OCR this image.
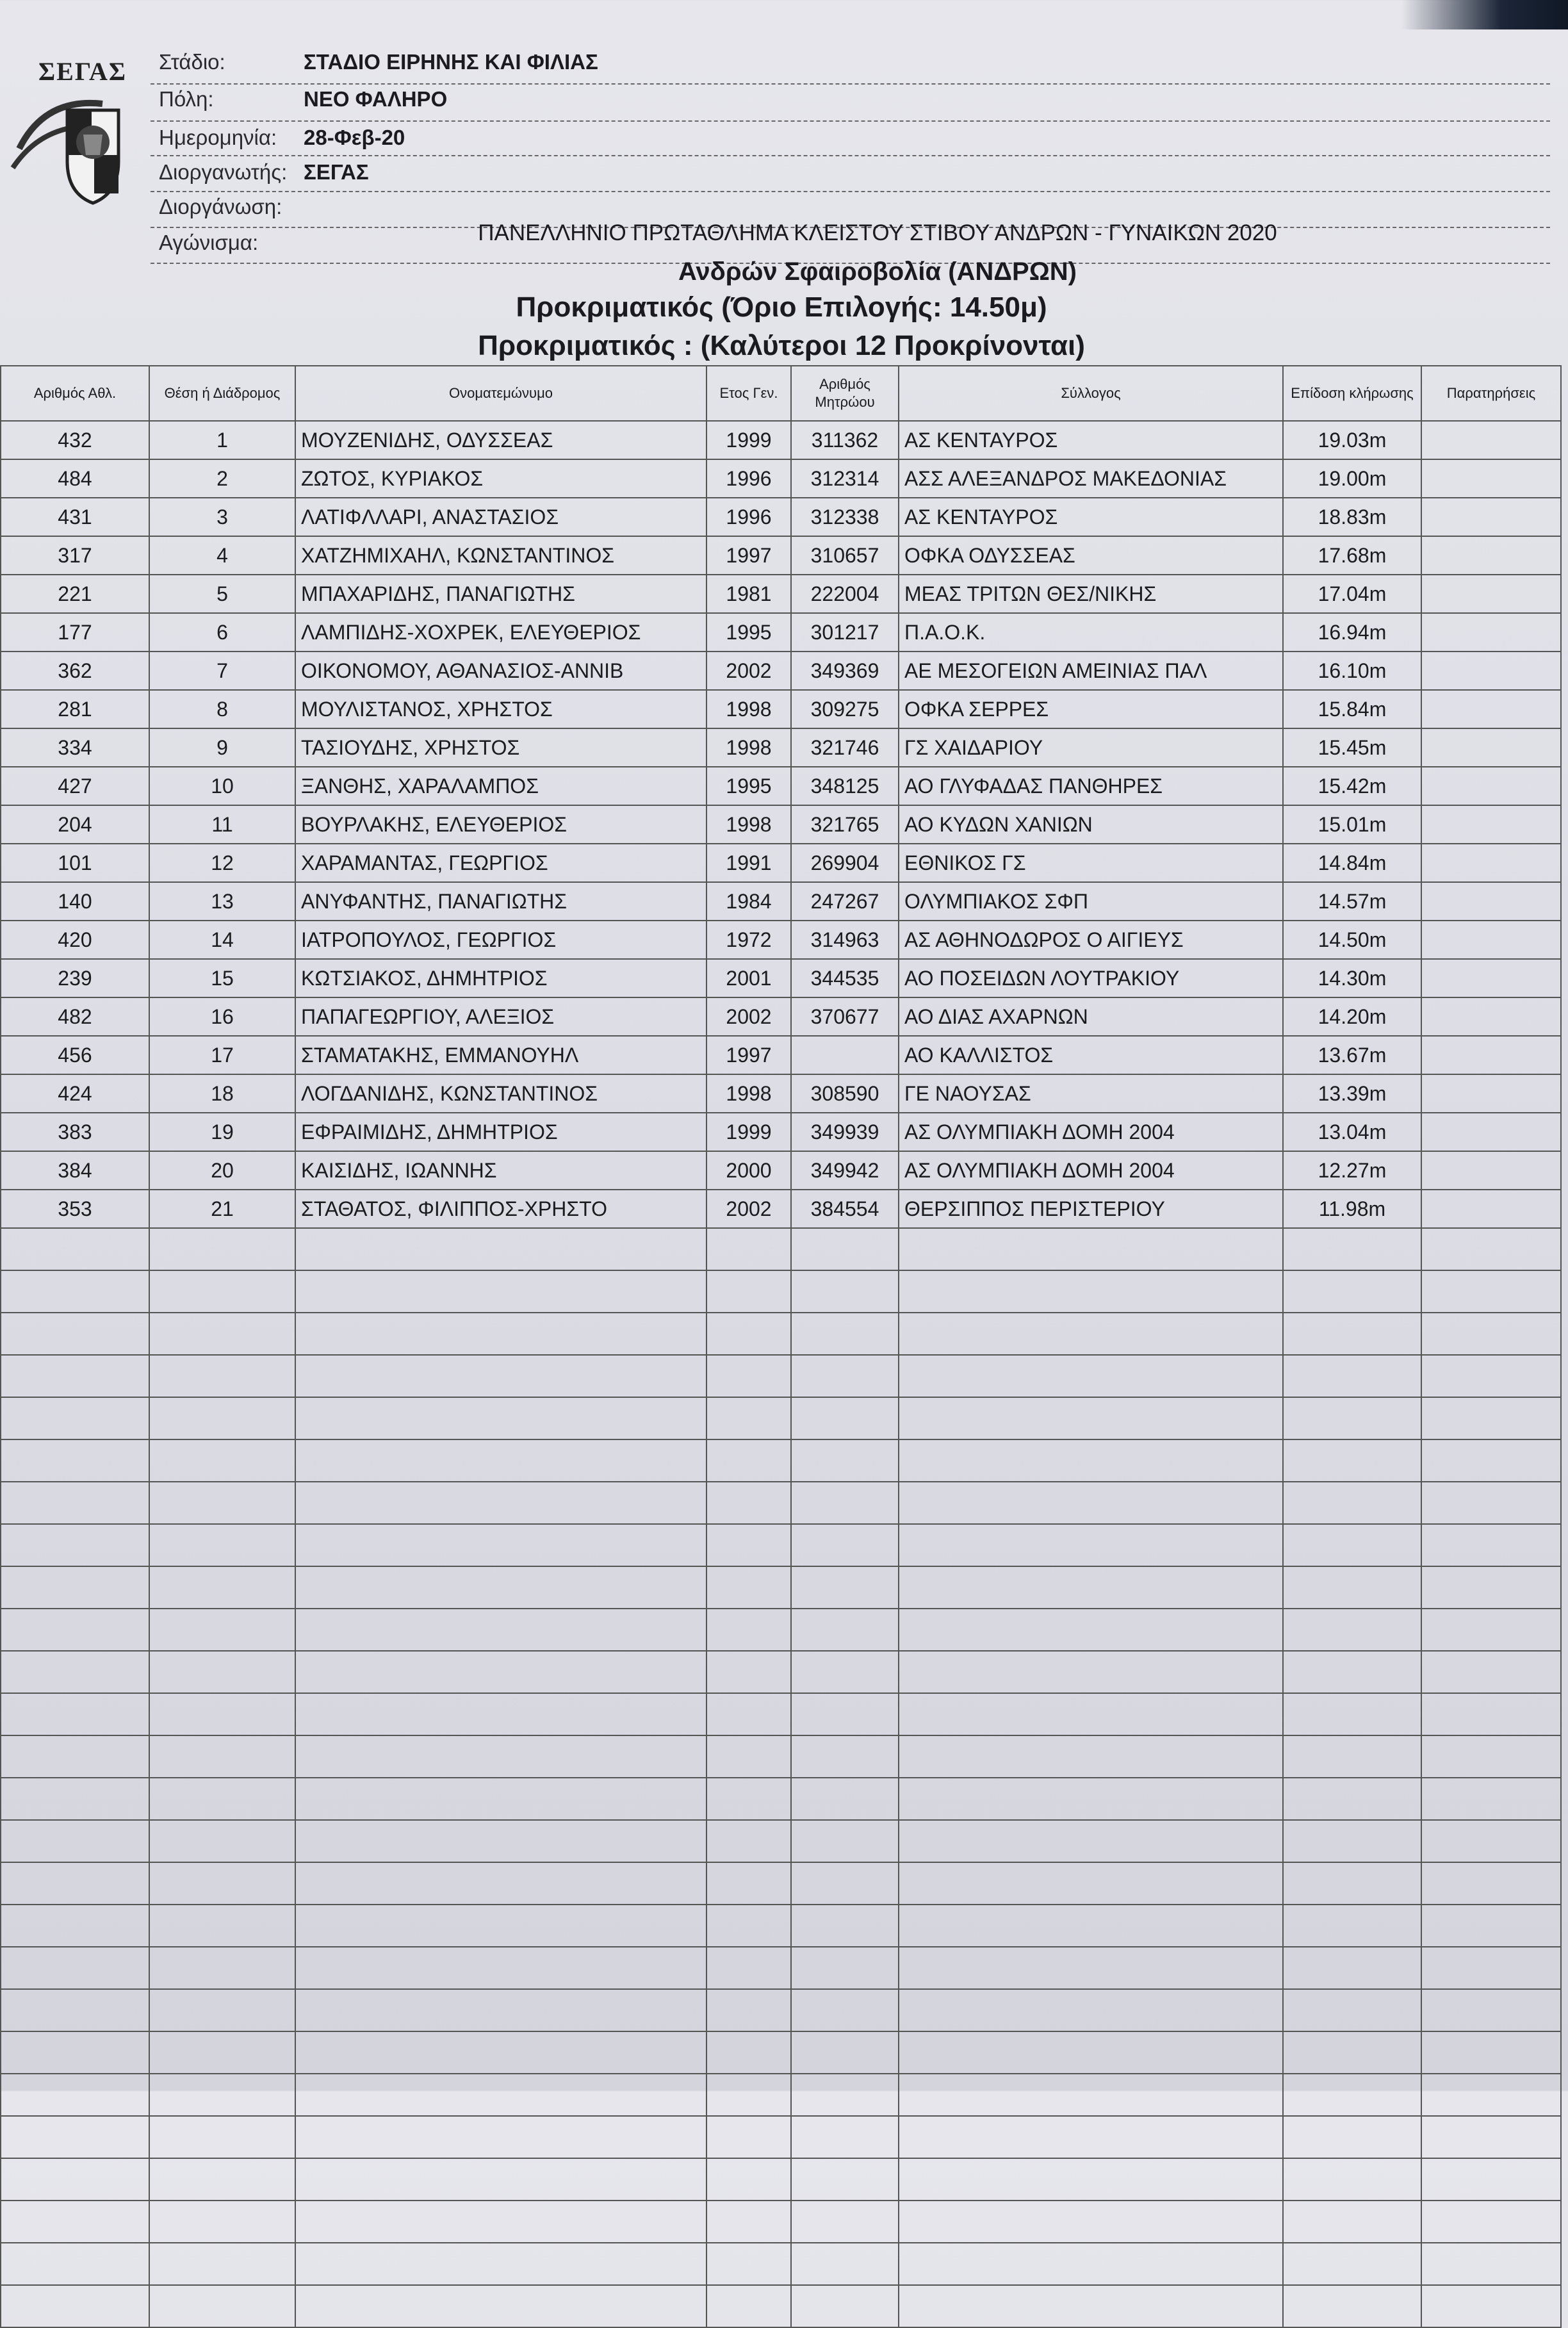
ΣΕΓΑΣ Στάδιο:	ΣΤΑΔΙΟ ΕΙΡΗΝΗΣ ΚΑΙ ΦΙΛΙΑΣ
Πόλη:	ΝΕΟ ΦΑΛΗΡΟ
Ημερομηνία: 28-Φεβ-20
Διοργανωτής: ΣΕΓΑΣ
Διοργάνωση:
Αγώνισμα:	ΠΑΝΕΛΛΗΝΙΟ ΠΡΩΤΑΘΛΗΜΑ ΚΛΕΙΣΤΟΥ ΣΤΙΒΟΥ ΑΝΔΡΩΝ - ΓΥΝΑΙΚΩΝ 2020
Ανδρών Σφαιροβολία (ΑΝΔΡΩΝ)
Προκριματικός (Όριο Επιλογής: 14.50μ)
Προκριματικός : (Καλύτεροι 12 Προκρίνονται)
Αριθμός Αθλ.	Θέση ή Διάδρομος	Ονοματεμώνυμο	Ετος Γεν.	Αριθμός Μητρώου	Σύλλογος	Επίδοση κλήρωσης	Παρατηρήσεις
432	1	ΜΟΥΖΕΝΙΔΗΣ, ΟΔΥΣΣΕΑΣ	1999	311362	ΑΣ ΚΕΝΤΑΥΡΟΣ	19.03m	
484	2	ΖΩΤΟΣ, ΚΥΡΙΑΚΟΣ	1996	312314	ΑΣΣ ΑΛΕΞΑΝΔΡΟΣ ΜΑΚΕΔΟΝΙΑΣ	19.00m	
431	3	ΛΑΤΙΦΛΛΑΡΙ, ΑΝΑΣΤΑΣΙΟΣ	1996	312338	ΑΣ ΚΕΝΤΑΥΡΟΣ	18.83m	
317	4	ΧΑΤΖΗΜΙΧΑΗΛ, ΚΩΝΣΤΑΝΤΙΝΟΣ	1997	310657	ΟΦΚΑ ΟΔΥΣΣΕΑΣ	17.68m	
221	5	ΜΠΑΧΑΡΙΔΗΣ, ΠΑΝΑΓΙΩΤΗΣ	1981	222004	ΜΕΑΣ ΤΡΙΤΩΝ ΘΕΣ/ΝΙΚΗΣ	17.04m	
177	6	ΛΑΜΠΙΔΗΣ-ΧΟΧΡΕΚ, ΕΛΕΥΘΕΡΙΟΣ	1995	301217	Π.Α.Ο.Κ.	16.94m	
362	7	ΟΙΚΟΝΟΜΟΥ, ΑΘΑΝΑΣΙΟΣ-ΑΝΝΙΒ	2002	349369	ΑΕ ΜΕΣΟΓΕΙΩΝ ΑΜΕΙΝΙΑΣ ΠΑΛ	16.10m	
281	8	ΜΟΥΛΙΣΤΑΝΟΣ, ΧΡΗΣΤΟΣ	1998	309275	ΟΦΚΑ ΣΕΡΡΕΣ	15.84m	
334	9	ΤΑΣΙΟΥΔΗΣ, ΧΡΗΣΤΟΣ	1998	321746	ΓΣ ΧΑΙΔΑΡΙΟΥ	15.45m	
427	10	ΞΑΝΘΗΣ, ΧΑΡΑΛΑΜΠΟΣ	1995	348125	ΑΟ ΓΛΥΦΑΔΑΣ ΠΑΝΘΗΡΕΣ	15.42m	
204	11	ΒΟΥΡΛΑΚΗΣ, ΕΛΕΥΘΕΡΙΟΣ	1998	321765	ΑΟ ΚΥΔΩΝ ΧΑΝΙΩΝ	15.01m	
101	12	ΧΑΡΑΜΑΝΤΑΣ, ΓΕΩΡΓΙΟΣ	1991	269904	ΕΘΝΙΚΟΣ ΓΣ	14.84m	
140	13	ΑΝΥΦΑΝΤΗΣ, ΠΑΝΑΓΙΩΤΗΣ	1984	247267	ΟΛΥΜΠΙΑΚΟΣ ΣΦΠ	14.57m	
420	14	ΙΑΤΡΟΠΟΥΛΟΣ, ΓΕΩΡΓΙΟΣ	1972	314963	ΑΣ ΑΘΗΝΟΔΩΡΟΣ Ο ΑΙΓΙΕΥΣ	14.50m	
239	15	ΚΩΤΣΙΑΚΟΣ, ΔΗΜΗΤΡΙΟΣ	2001	344535	ΑΟ ΠΟΣΕΙΔΩΝ ΛΟΥΤΡΑΚΙΟΥ	14.30m	
482	16	ΠΑΠΑΓΕΩΡΓΙΟΥ, ΑΛΕΞΙΟΣ	2002	370677	ΑΟ ΔΙΑΣ ΑΧΑΡΝΩΝ	14.20m	
456	17	ΣΤΑΜΑΤΑΚΗΣ, ΕΜΜΑΝΟΥΗΛ	1997		ΑΟ ΚΑΛΛΙΣΤΟΣ	13.67m	
424	18	ΛΟΓΔΑΝΙΔΗΣ, ΚΩΝΣΤΑΝΤΙΝΟΣ	1998	308590	ΓΕ ΝΑΟΥΣΑΣ	13.39m	
383	19	ΕΦΡΑΙΜΙΔΗΣ, ΔΗΜΗΤΡΙΟΣ	1999	349939	ΑΣ ΟΛΥΜΠΙΑΚΗ ΔΟΜΗ 2004	13.04m	
384	20	ΚΑΙΣΙΔΗΣ, ΙΩΑΝΝΗΣ	2000	349942	ΑΣ ΟΛΥΜΠΙΑΚΗ ΔΟΜΗ 2004	12.27m	
353	21	ΣΤΑΘΑΤΟΣ, ΦΙΛΙΠΠΟΣ-ΧΡΗΣΤΟ	2002	384554	ΘΕΡΣΙΠΠΟΣ ΠΕΡΙΣΤΕΡΙΟΥ	11.98m	
